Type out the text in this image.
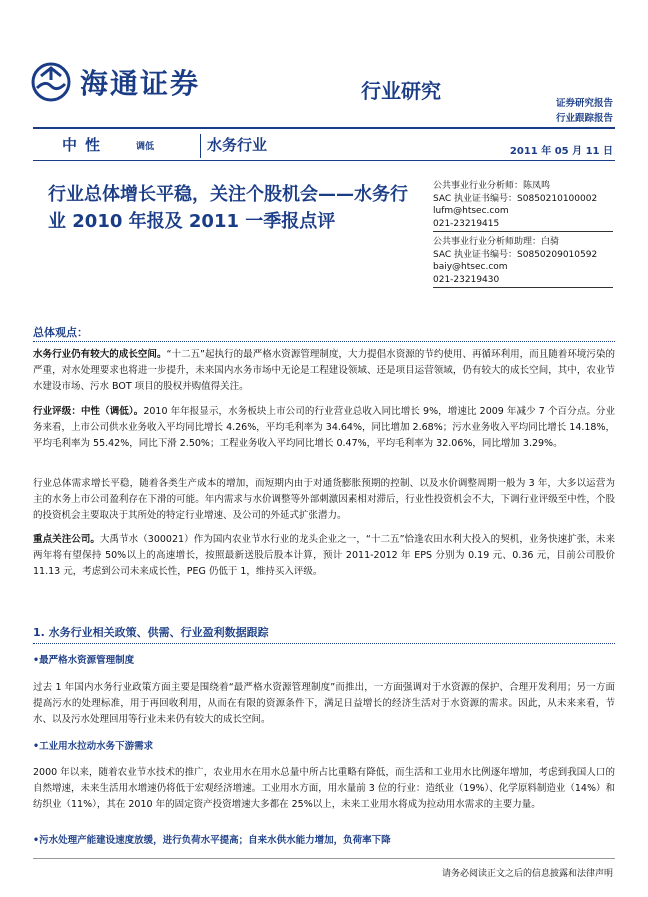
海通证券	行业研究
证券研究报告
行业跟踪报告
中性	调低	水务行业	2011 年 05 月 11 日
行业总体增长平稳，关注个股机会——水务行业 2010 年报及 2011 一季报点评
公共事业行业分析师：陈凤鸣
SAC 执业证书编号：S0850210100002
lufm@htsec.com
021-23219415
公共事业行业分析师助理：白骑
SAC 执业证书编号：S0850209010592
baiy@htsec.com
021-23219430
总体观点：
水务行业仍有较大的成长空间。“十二五”起执行的最严格水资源管理制度，大力提倡水资源的节约使用、再循环利用，而且随着环境污染的严重，对水处理要求也将进一步提升，未来国内水务市场中无论是工程建设领域、还是项目运营领域，仍有较大的成长空间，其中，农业节水建设市场、污水 BOT 项目的股权并购值得关注。
行业评级：中性（调低）。2010 年年报显示，水务板块上市公司的行业营业总收入同比增长 9%，增速比 2009 年减少 7 个百分点。分业务来看，上市公司供水业务收入平均同比增长 4.26%，平均毛利率为 34.64%，同比增加 2.68%；污水业务收入平均同比增长 14.18%，平均毛利率为 55.42%，同比下滑 2.50%；工程业务收入平均同比增长 0.47%，平均毛利率为 32.06%，同比增加 3.29%。
行业总体需求增长平稳，随着各类生产成本的增加，而短期内由于对通货膨胀预期的控制、以及水价调整周期一般为 3 年，大多以运营为主的水务上市公司盈利存在下滑的可能。年内需求与水价调整等外部刺激因素相对滞后，行业性投资机会不大，下调行业评级至中性，个股的投资机会主要取决于其所处的特定行业增速、及公司的外延式扩张潜力。
重点关注公司。大禹节水（300021）作为国内农业节水行业的龙头企业之一，“十二五”恰逢农田水利大投入的契机，业务快速扩张，未来两年将有望保持 50%以上的高速增长，按照最新送股后股本计算，预计 2011-2012 年 EPS 分别为 0.19 元、0.36 元，目前公司股价 11.13 元，考虑到公司未来成长性，PEG 仍低于 1，维持买入评级。
1. 水务行业相关政策、供需、行业盈利数据跟踪
•最严格水资源管理制度
过去 1 年国内水务行业政策方面主要是围绕着“最严格水资源管理制度”而推出，一方面强调对于水资源的保护、合理开发利用；另一方面提高污水的处理标准，用于再回收利用，从而在有限的资源条件下，满足日益增长的经济生活对于水资源的需求。因此，从未来来看，节水、以及污水处理回用等行业未来仍有较大的成长空间。
•工业用水拉动水务下游需求
2000 年以来，随着农业节水技术的推广，农业用水在用水总量中所占比重略有降低，而生活和工业用水比例逐年增加，考虑到我国人口的自然增速，未来生活用水增速仍将低于宏观经济增速。工业用水方面，用水量前 3 位的行业：造纸业（19%）、化学原料制造业（14%）和纺织业（11%），其在 2010 年的固定资产投资增速大多都在 25%以上，未来工业用水将成为拉动用水需求的主要力量。
•污水处理产能建设速度放缓，进行负荷水平提高；自来水供水能力增加，负荷率下降
请务必阅读正文之后的信息披露和法律声明
